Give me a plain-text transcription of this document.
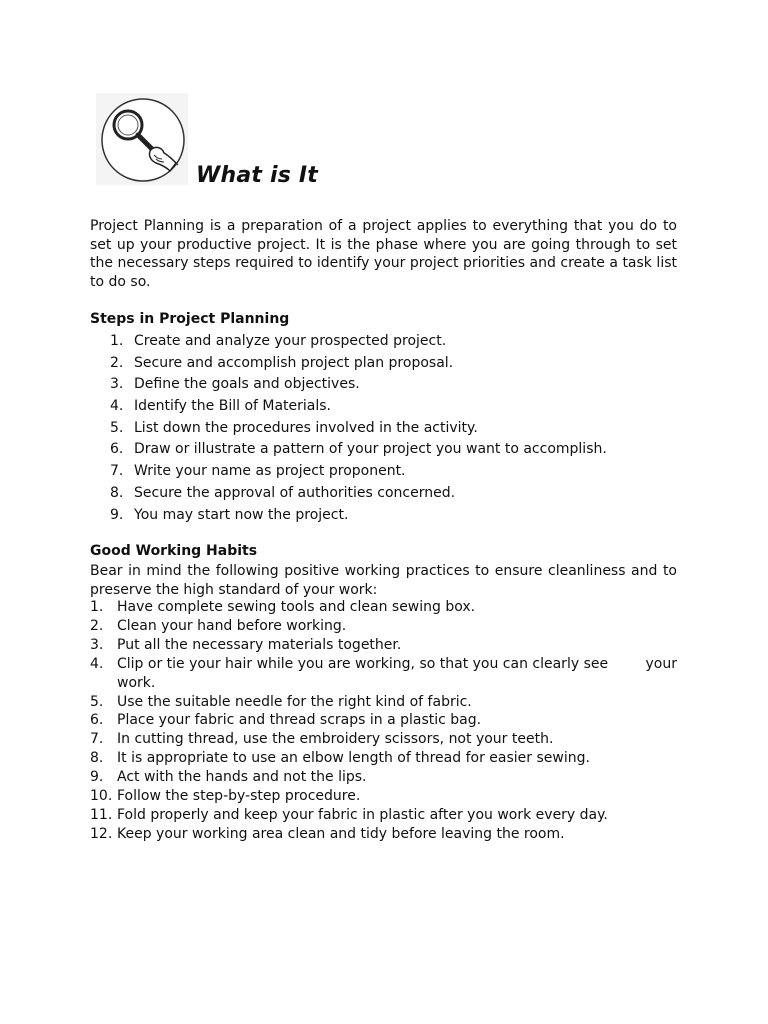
What is It
Project Planning is a preparation of a project applies to everything that you do to set up your productive project. It is the phase where you are going through to set the necessary steps required to identify your project priorities and create a task list to do so.
Steps in Project Planning
1. Create and analyze your prospected project.
2. Secure and accomplish project plan proposal.
3. Define the goals and objectives.
4. Identify the Bill of Materials.
5. List down the procedures involved in the activity.
6. Draw or illustrate a pattern of your project you want to accomplish.
7. Write your name as project proponent.
8. Secure the approval of authorities concerned.
9. You may start now the project.
Good Working Habits
Bear in mind the following positive working practices to ensure cleanliness and to preserve the high standard of your work:
1. Have complete sewing tools and clean sewing box.
2. Clean your hand before working.
3. Put all the necessary materials together.
4.	your
Clip or tie your hair while you are working, so that you can clearly see
work.
5. Use the suitable needle for the right kind of fabric.
6. Place your fabric and thread scraps in a plastic bag.
7. In cutting thread, use the embroidery scissors, not your teeth.
8. It is appropriate to use an elbow length of thread for easier sewing.
9. Act with the hands and not the lips.
10. Follow the step-by-step procedure.
11. Fold properly and keep your fabric in plastic after you work every day.
12. Keep your working area clean and tidy before leaving the room.
